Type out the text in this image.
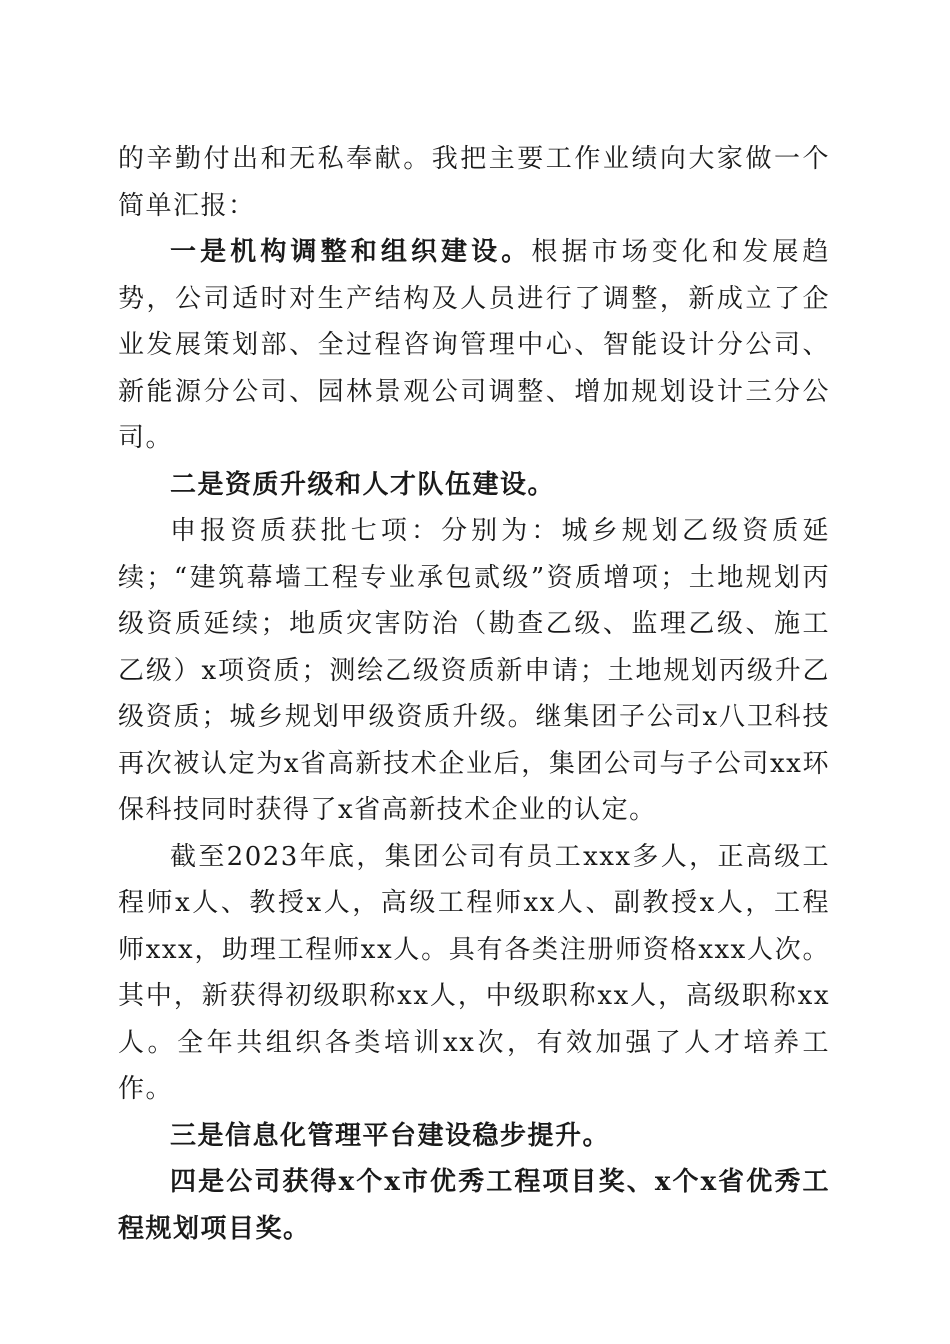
的辛勤付出和无私奉献。我把主要工作业绩向大家做一个简单汇报：

一是机构调整和组织建设。根据市场变化和发展趋势，公司适时对生产结构及人员进行了调整，新成立了企业发展策划部、全过程咨询管理中心、智能设计分公司、新能源分公司、园林景观公司调整、增加规划设计三分公司。

二是资质升级和人才队伍建设。

申报资质获批七项：分别为：城乡规划乙级资质延续；“建筑幕墙工程专业承包贰级”资质增项；土地规划丙级资质延续；地质灾害防治（勘查乙级、监理乙级、施工乙级）x项资质；测绘乙级资质新申请；土地规划丙级升乙级资质；城乡规划甲级资质升级。继集团子公司x八卫科技再次被认定为x省高新技术企业后，集团公司与子公司xx环保科技同时获得了x省高新技术企业的认定。

截至2023年底，集团公司有员工xxx多人，正高级工程师x人、教授x人，高级工程师xx人、副教授x人，工程师xxx，助理工程师xx人。具有各类注册师资格xxx人次。其中，新获得初级职称xx人，中级职称xx人，高级职称xx人。全年共组织各类培训xx次，有效加强了人才培养工作。

三是信息化管理平台建设稳步提升。

四是公司获得x个x市优秀工程项目奖、x个x省优秀工程规划项目奖。
